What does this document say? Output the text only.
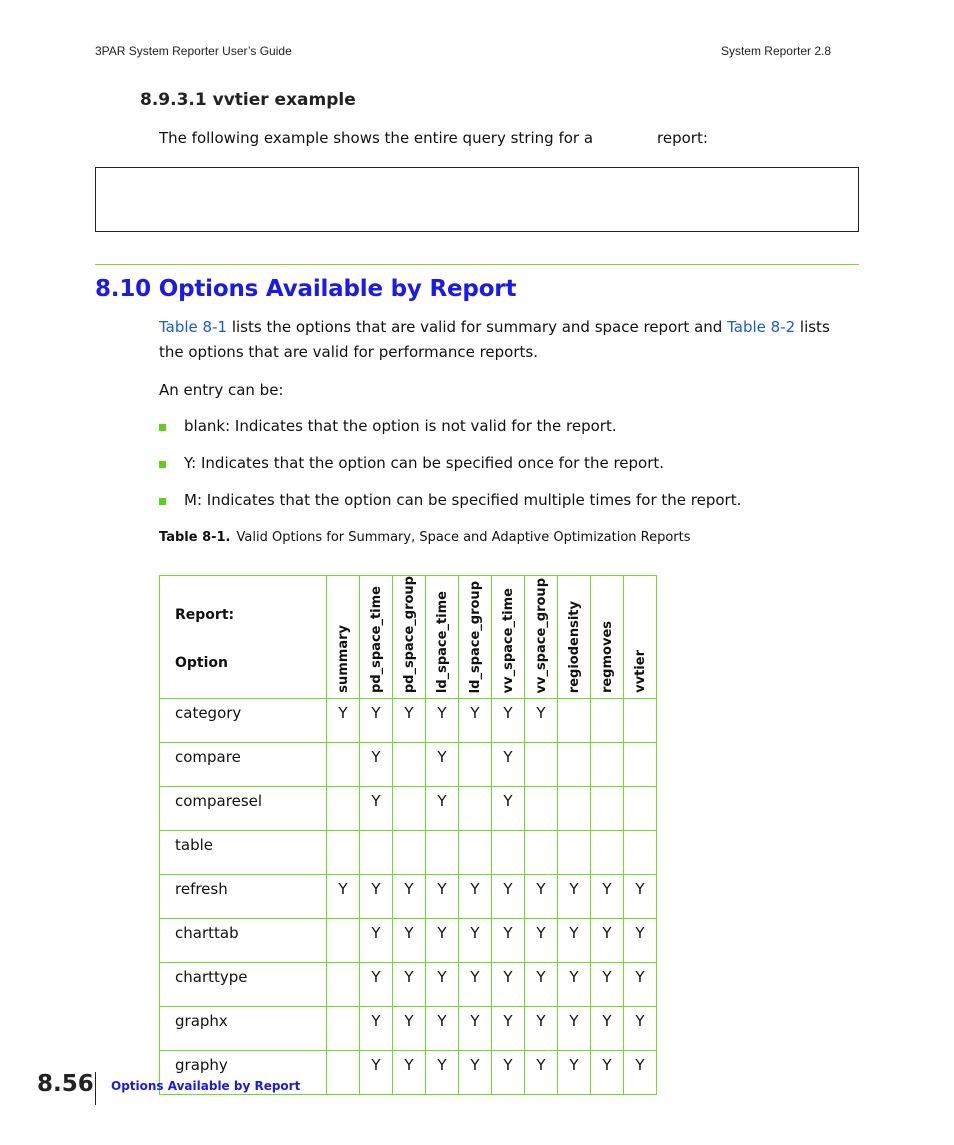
3PAR System Reporter User’s Guide	System Reporter 2.8
8.9.3.1 vvtier example
The following example shows the entire query string for a	report:
8.10 Options Available by Report
Table 8-1 lists the options that are valid for summary and space report and Table 8-2 lists the options that are valid for performance reports.
An entry can be:
blank: Indicates that the option is not valid for the report.
Y: Indicates that the option can be specified once for the report.
M: Indicates that the option can be specified multiple times for the report.
Table 8-1. Valid Options for Summary, Space and Adaptive Optimization Reports
Report:
Option	summary	pd_space_time	pd_space_group	ld_space_time	ld_space_group	vv_space_time	vv_space_group	regiodensity	regmoves	vvtier

category	Y	Y	Y	Y	Y	Y	Y			
compare		Y		Y		Y				
comparesel		Y		Y		Y				
table										
refresh	Y	Y	Y	Y	Y	Y	Y	Y	Y	Y
charttab		Y	Y	Y	Y	Y	Y	Y	Y	Y
charttype		Y	Y	Y	Y	Y	Y	Y	Y	Y
graphx		Y	Y	Y	Y	Y	Y	Y	Y	Y
graphy		Y	Y	Y	Y	Y	Y	Y	Y	Y
8.56 Options Available by Report
